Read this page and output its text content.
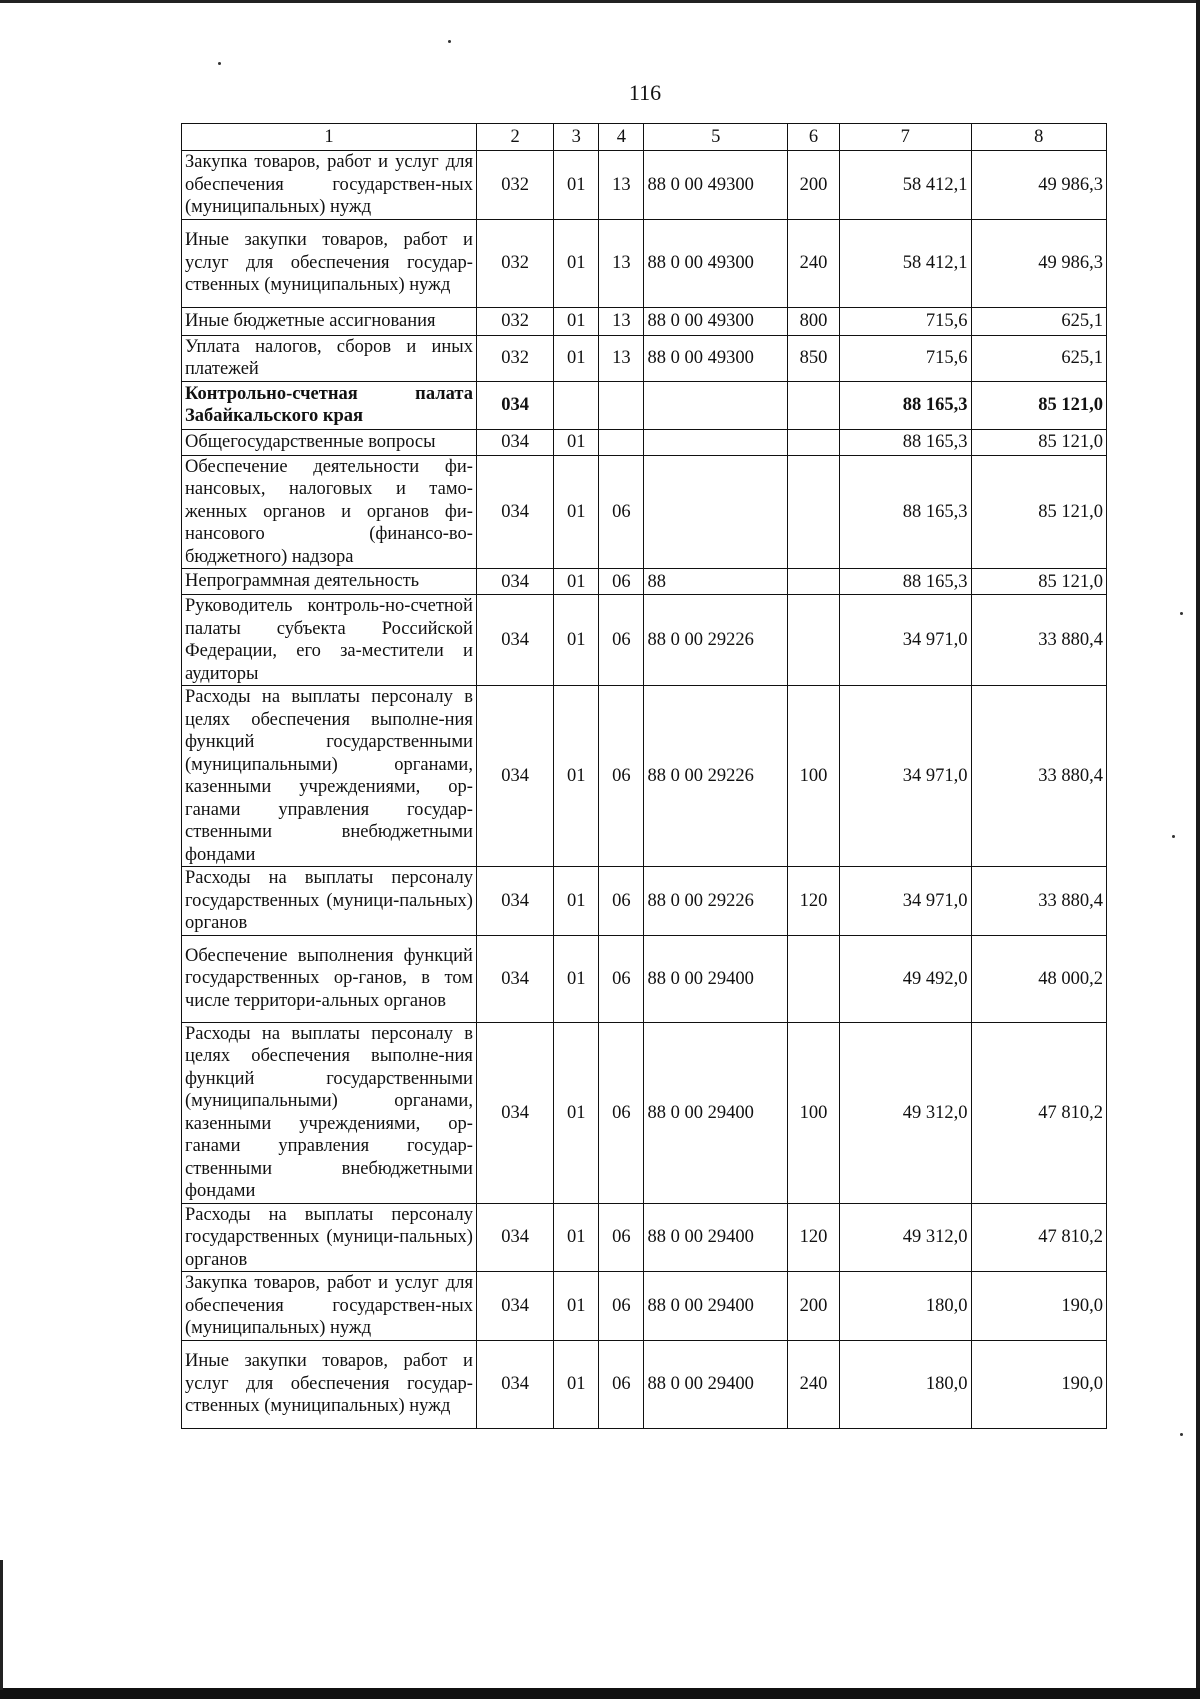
116
1	2	3	4	5	6	7	8
Закупка товаров, работ и услуг для обеспечения государствен-ных (муниципальных) нужд	032	01	13	88 0 00 49300	200	58 412,1	49 986,3
Иные закупки товаров, работ и услуг для обеспечения государ-ственных (муниципальных) нужд	032	01	13	88 0 00 49300	240	58 412,1	49 986,3
Иные бюджетные ассигнования	032	01	13	88 0 00 49300	800	715,6	625,1
Уплата налогов, сборов и иных платежей	032	01	13	88 0 00 49300	850	715,6	625,1
Контрольно-счетная палата Забайкальского края	034					88 165,3	85 121,0
Общегосударственные вопросы	034	01				88 165,3	85 121,0
Обеспечение деятельности фи-нансовых, налоговых и тамо-женных органов и органов фи-нансового (финансо-во-бюджетного) надзора	034	01	06			88 165,3	85 121,0
Непрограммная деятельность	034	01	06	88		88 165,3	85 121,0
Руководитель контроль-но-счетной палаты субъекта Российской Федерации, его за-местители и аудиторы	034	01	06	88 0 00 29226		34 971,0	33 880,4
Расходы на выплаты персоналу в целях обеспечения выполне-ния функций государственными (муниципальными) органами, казенными учреждениями, ор-ганами управления государ-ственными внебюджетными фондами	034	01	06	88 0 00 29226	100	34 971,0	33 880,4
Расходы на выплаты персоналу государственных (муници-пальных) органов	034	01	06	88 0 00 29226	120	34 971,0	33 880,4
Обеспечение выполнения функций государственных ор-ганов, в том числе территори-альных органов	034	01	06	88 0 00 29400		49 492,0	48 000,2
Расходы на выплаты персоналу в целях обеспечения выполне-ния функций государственными (муниципальными) органами, казенными учреждениями, ор-ганами управления государ-ственными внебюджетными фондами	034	01	06	88 0 00 29400	100	49 312,0	47 810,2
Расходы на выплаты персоналу государственных (муници-пальных) органов	034	01	06	88 0 00 29400	120	49 312,0	47 810,2
Закупка товаров, работ и услуг для обеспечения государствен-ных (муниципальных) нужд	034	01	06	88 0 00 29400	200	180,0	190,0
Иные закупки товаров, работ и услуг для обеспечения государ-ственных (муниципальных) нужд	034	01	06	88 0 00 29400	240	180,0	190,0
